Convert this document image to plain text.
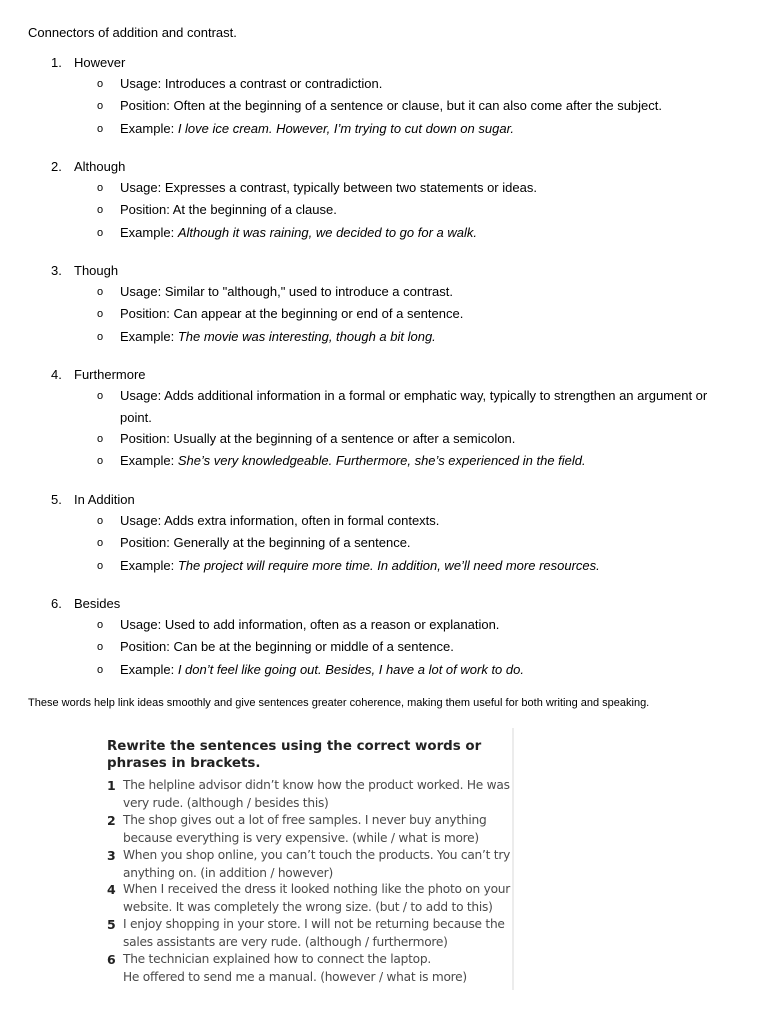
Connectors of addition and contrast.
1. However
o Usage: Introduces a contrast or contradiction.
o Position: Often at the beginning of a sentence or clause, but it can also come after the subject.
o Example: I love ice cream. However, I’m trying to cut down on sugar.
2. Although
o Usage: Expresses a contrast, typically between two statements or ideas.
o Position: At the beginning of a clause.
o Example: Although it was raining, we decided to go for a walk.
3. Though
o Usage: Similar to "although," used to introduce a contrast.
o Position: Can appear at the beginning or end of a sentence.
o Example: The movie was interesting, though a bit long.
4. Furthermore
o Usage: Adds additional information in a formal or emphatic way, typically to strengthen an argument or point.
o Position: Usually at the beginning of a sentence or after a semicolon.
o Example: She’s very knowledgeable. Furthermore, she’s experienced in the field.
5. In Addition
o Usage: Adds extra information, often in formal contexts.
o Position: Generally at the beginning of a sentence.
o Example: The project will require more time. In addition, we’ll need more resources.
6. Besides
o Usage: Used to add information, often as a reason or explanation.
o Position: Can be at the beginning or middle of a sentence.
o Example: I don’t feel like going out. Besides, I have a lot of work to do.
These words help link ideas smoothly and give sentences greater coherence, making them useful for both writing and speaking.
Rewrite the sentences using the correct words or phrases in brackets.
1 The helpline advisor didn’t know how the product worked. He was very rude. (although / besides this)
2 The shop gives out a lot of free samples. I never buy anything because everything is very expensive. (while / what is more)
3 When you shop online, you can’t touch the products. You can’t try anything on. (in addition / however)
4 When I received the dress it looked nothing like the photo on your website. It was completely the wrong size. (but / to add to this)
5 I enjoy shopping in your store. I will not be returning because the sales assistants are very rude. (although / furthermore)
6 The technician explained how to connect the laptop.
He offered to send me a manual. (however / what is more)
